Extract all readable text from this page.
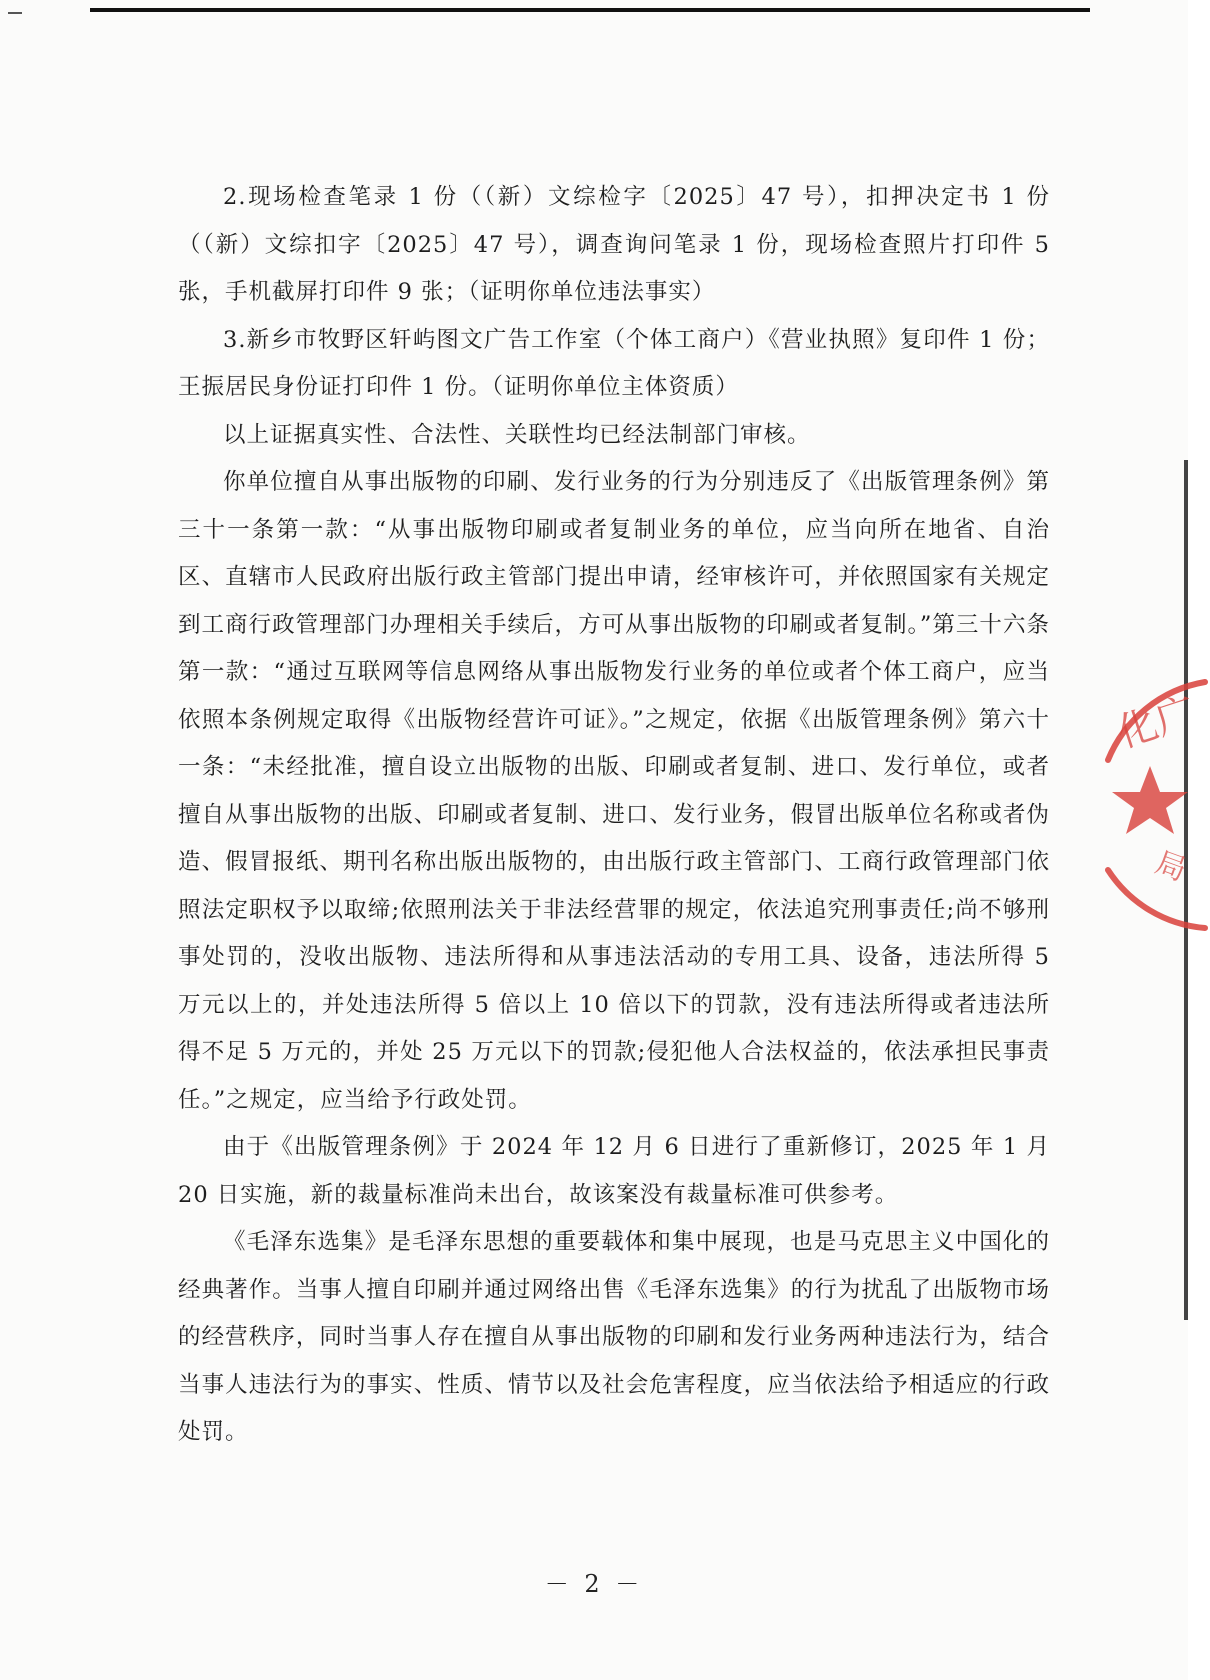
2.现场检查笔录 1 份（（新）文综检字〔2025〕47 号），扣押决定书 1 份（（新）文综扣字〔2025〕47 号），调查询问笔录 1 份，现场检查照片打印件 5 张，手机截屏打印件 9 张；（证明你单位违法事实）

3.新乡市牧野区轩屿图文广告工作室（个体工商户）《营业执照》复印件 1 份；王振居民身份证打印件 1 份。（证明你单位主体资质）

以上证据真实性、合法性、关联性均已经法制部门审核。

你单位擅自从事出版物的印刷、发行业务的行为分别违反了《出版管理条例》第三十一条第一款：“从事出版物印刷或者复制业务的单位，应当向所在地省、自治区、直辖市人民政府出版行政主管部门提出申请，经审核许可，并依照国家有关规定到工商行政管理部门办理相关手续后，方可从事出版物的印刷或者复制。”第三十六条第一款：“通过互联网等信息网络从事出版物发行业务的单位或者个体工商户，应当依照本条例规定取得《出版物经营许可证》。”之规定，依据《出版管理条例》第六十一条：“未经批准，擅自设立出版物的出版、印刷或者复制、进口、发行单位，或者擅自从事出版物的出版、印刷或者复制、进口、发行业务，假冒出版单位名称或者伪造、假冒报纸、期刊名称出版出版物的，由出版行政主管部门、工商行政管理部门依照法定职权予以取缔;依照刑法关于非法经营罪的规定，依法追究刑事责任;尚不够刑事处罚的，没收出版物、违法所得和从事违法活动的专用工具、设备，违法所得 5 万元以上的，并处违法所得 5 倍以上 10 倍以下的罚款，没有违法所得或者违法所得不足 5 万元的，并处 25 万元以下的罚款;侵犯他人合法权益的，依法承担民事责任。”之规定，应当给予行政处罚。

由于《出版管理条例》于 2024 年 12 月 6 日进行了重新修订，2025 年 1 月 20 日实施，新的裁量标准尚未出台，故该案没有裁量标准可供参考。

《毛泽东选集》是毛泽东思想的重要载体和集中展现，也是马克思主义中国化的经典著作。当事人擅自印刷并通过网络出售《毛泽东选集》的行为扰乱了出版物市场的经营秩序，同时当事人存在擅自从事出版物的印刷和发行业务两种违法行为，结合当事人违法行为的事实、性质、情节以及社会危害程度，应当依法给予相适应的行政处罚。

化广
局
－ 2 －
